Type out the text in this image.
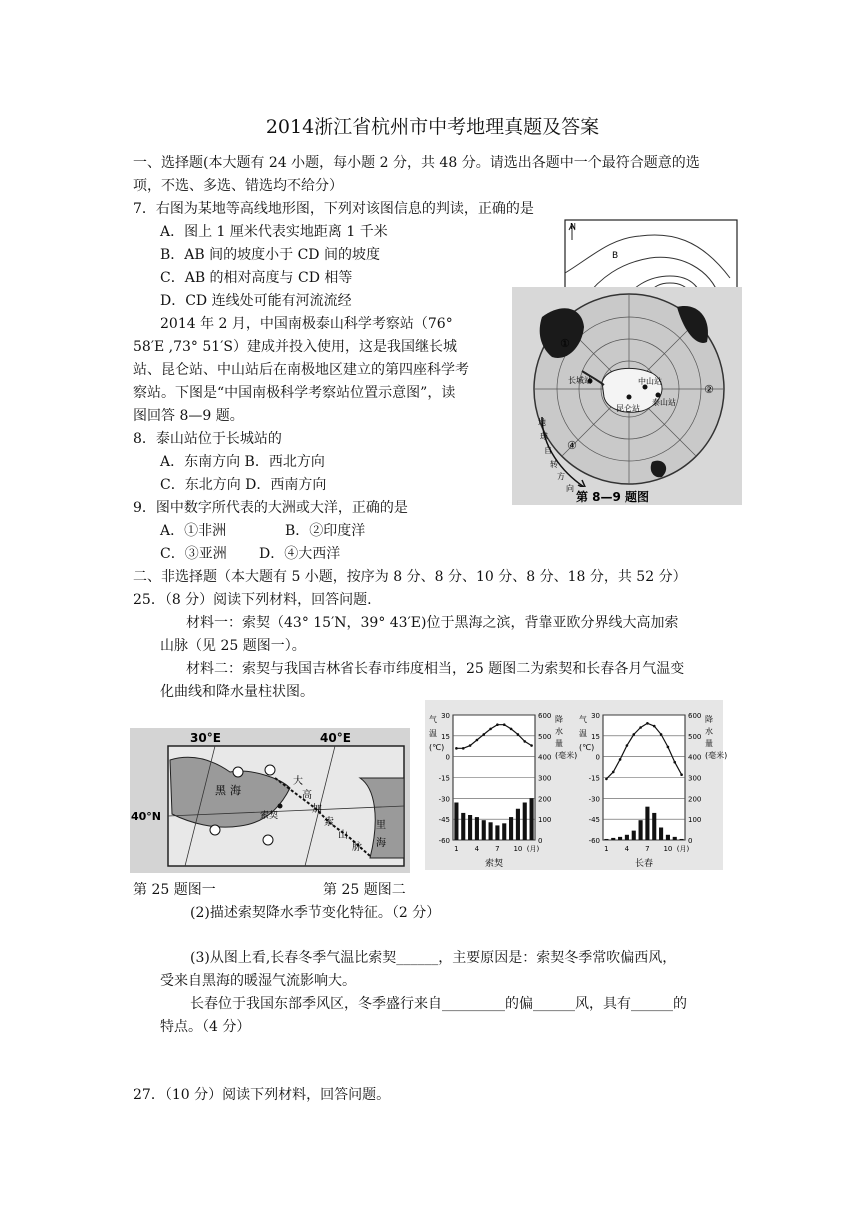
2014浙江省杭州市中考地理真题及答案
一、选择题(本大题有 24 小题，每小题 2 分，共 48 分。请选出各题中一个最符合题意的选
项，不选、多选、错选均不给分）
7．右图为某地等高线地形图，下列对该图信息的判读，正确的是
A．图上 1 厘米代表实地距离 1 千米
B．AB 间的坡度小于 CD 间的坡度
C．AB 的相对高度与 CD 相等
D．CD 连线处可能有河流流经
2014 年 2 月，中国南极泰山科学考察站（76°
58′E ,73° 51′S）建成并投入使用，这是我国继长城
站、昆仑站、中山站后在南极地区建立的第四座科学考
察站。下图是“中国南极科学考察站位置示意图”，读
图回答 8—9 题。
8．泰山站位于长城站的
A．东南方向 B．西北方向
C．东北方向 D．西南方向
9．图中数字所代表的大洲或大洋，正确的是
A．①非洲	B．②印度洋
C．③亚洲 D．④大西洋
二、非选择题（本大题有 5 小题，按序为 8 分、8 分、10 分、8 分、18 分，共 52 分）
25．（8 分）阅读下列材料，回答问题.
材料一：索契（43° 15′N，39° 43′E)位于黑海之滨，背靠亚欧分界线大高加索
山脉（见 25 题图一）。
材料二：索契与我国吉林省长春市纬度相当，25 题图二为索契和长春各月气温变
化曲线和降水量柱状图。
第 25 题图一	第 25 题图二
(2)描述索契降水季节变化特征。（2 分）
(3)从图上看,长春冬季气温比索契______，主要原因是：索契冬季常吹偏西风，
受来自黑海的暖湿气流影响大。
长春位于我国东部季风区，冬季盛行来自_________的偏______风，具有______的
特点。（4 分）
27．（10 分）阅读下列材料，回答问题。
N
B
长城站	中山站
泰山站
昆仑站
①
②
④
第 8—9 题图
地
球
自
转
方
向
30°E	40°E
40°N
黑 海
索契
大
高
加
索
山
脉
里
海
30
15
0
-15
-30
-45
-60
600
500
400
300
200
100
0
气
温
(℃)
降
水
量
(毫米)
1 4 7 10 (月)
索契
30
15
0
-15
-30
-45
-60
600
500
400
300
200
100
0
气
温
(℃)
降
水
量
(毫米)
1 4 7 10 (月)
长春
